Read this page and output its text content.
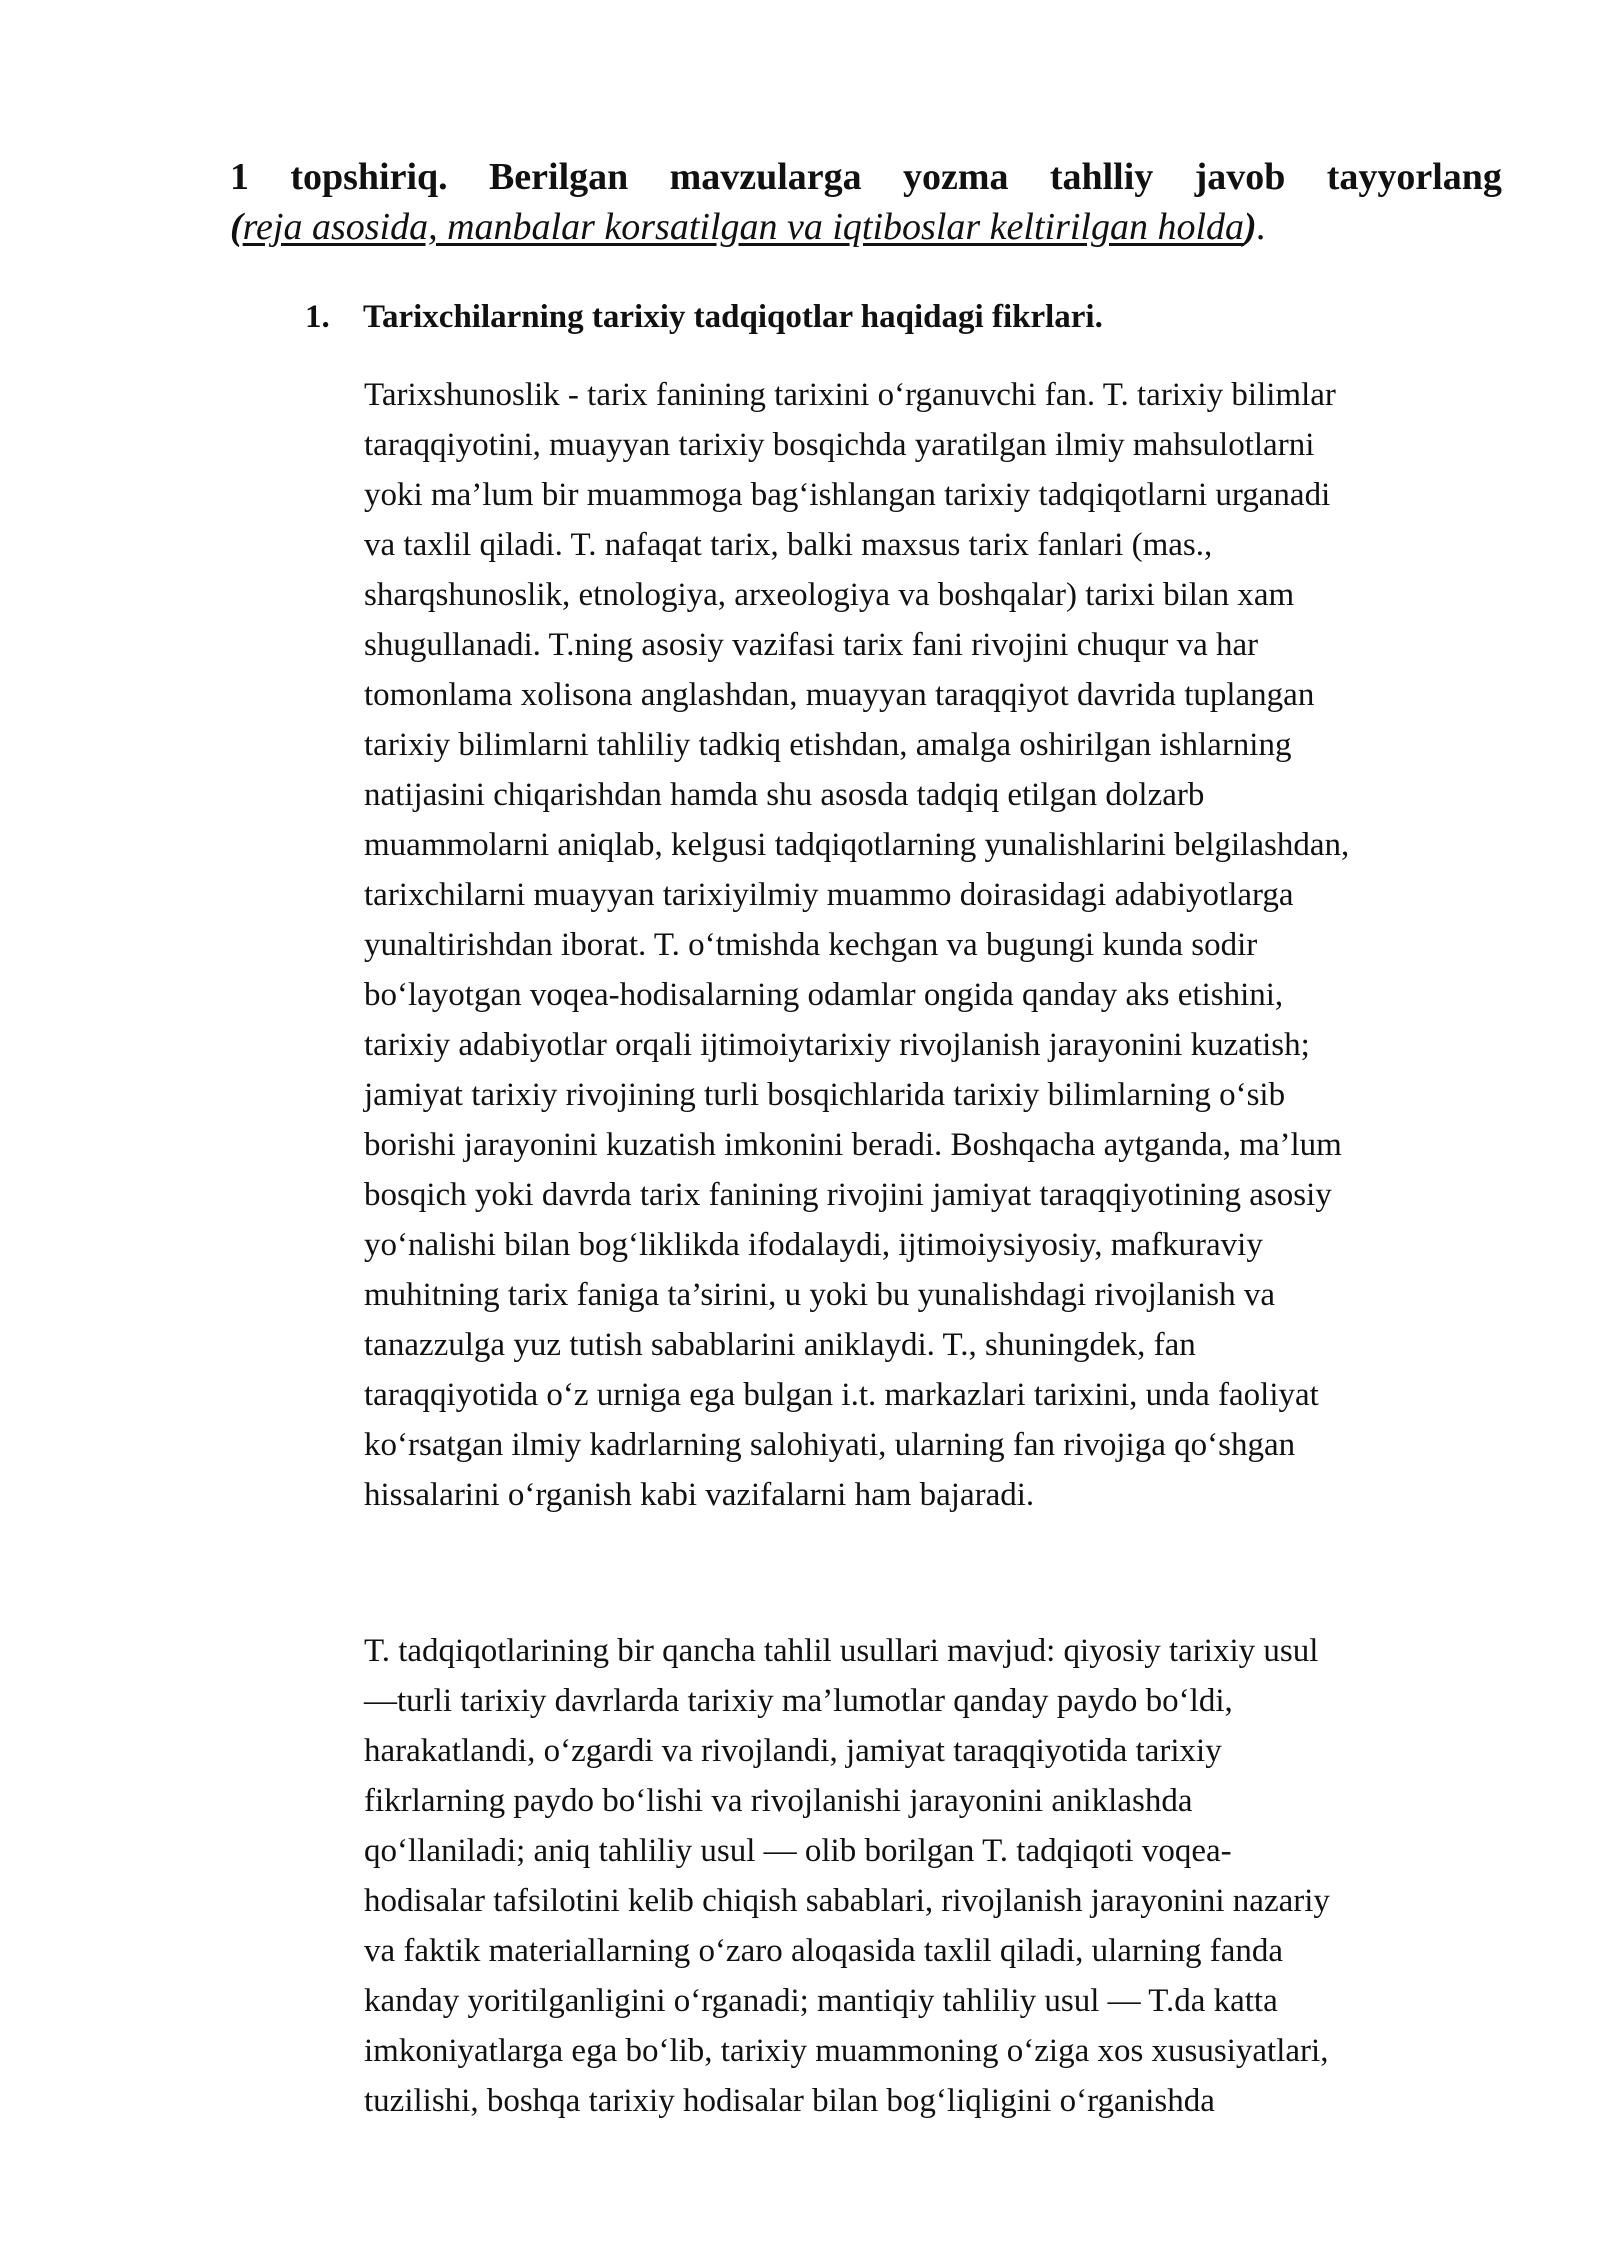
1 topshiriq. Berilgan mavzularga yozma tahlliy javob tayyorlang
(reja asosida, manbalar korsatilgan va iqtiboslar keltirilgan holda).
1.	Tarixchilarning tarixiy tadqiqotlar haqidagi fikrlari.

Tarixshunoslik - tarix fanining tarixini o‘rganuvchi fan. T. tarixiy bilimlar
taraqqiyotini, muayyan tarixiy bosqichda yaratilgan ilmiy mahsulotlarni
yoki ma’lum bir muammoga bag‘ishlangan tarixiy tadqiqotlarni urganadi
va taxlil qiladi. T. nafaqat tarix, balki maxsus tarix fanlari (mas.,
sharqshunoslik, etnologiya, arxeologiya va boshqalar) tarixi bilan xam
shugullanadi. T.ning asosiy vazifasi tarix fani rivojini chuqur va har
tomonlama xolisona anglashdan, muayyan taraqqiyot davrida tuplangan
tarixiy bilimlarni tahliliy tadkiq etishdan, amalga oshirilgan ishlarning
natijasini chiqarishdan hamda shu asosda tadqiq etilgan dolzarb
muammolarni aniqlab, kelgusi tadqiqotlarning yunalishlarini belgilashdan,
tarixchilarni muayyan tarixiyilmiy muammo doirasidagi adabiyotlarga
yunaltirishdan iborat. T. o‘tmishda kechgan va bugungi kunda sodir
bo‘layotgan voqea-hodisalarning odamlar ongida qanday aks etishini,
tarixiy adabiyotlar orqali ijtimoiytarixiy rivojlanish jarayonini kuzatish;
jamiyat tarixiy rivojining turli bosqichlarida tarixiy bilimlarning o‘sib
borishi jarayonini kuzatish imkonini beradi. Boshqacha aytganda, ma’lum
bosqich yoki davrda tarix fanining rivojini jamiyat taraqqiyotining asosiy
yo‘nalishi bilan bog‘liklikda ifodalaydi, ijtimoiysiyosiy, mafkuraviy
muhitning tarix faniga ta’sirini, u yoki bu yunalishdagi rivojlanish va
tanazzulga yuz tutish sabablarini aniklaydi. T., shuningdek, fan
taraqqiyotida o‘z urniga ega bulgan i.t. markazlari tarixini, unda faoliyat
ko‘rsatgan ilmiy kadrlarning salohiyati, ularning fan rivojiga qo‘shgan
hissalarini o‘rganish kabi vazifalarni ham bajaradi.

T. tadqiqotlarining bir qancha tahlil usullari mavjud: qiyosiy tarixiy usul
—turli tarixiy davrlarda tarixiy ma’lumotlar qanday paydo bo‘ldi,
harakatlandi, o‘zgardi va rivojlandi, jamiyat taraqqiyotida tarixiy
fikrlarning paydo bo‘lishi va rivojlanishi jarayonini aniklashda
qo‘llaniladi; aniq tahliliy usul — olib borilgan T. tadqiqoti voqea-
hodisalar tafsilotini kelib chiqish sabablari, rivojlanish jarayonini nazariy
va faktik materiallarning o‘zaro aloqasida taxlil qiladi, ularning fanda
kanday yoritilganligini o‘rganadi; mantiqiy tahliliy usul — T.da katta
imkoniyatlarga ega bo‘lib, tarixiy muammoning o‘ziga xos xususiyatlari,
tuzilishi, boshqa tarixiy hodisalar bilan bog‘liqligini o‘rganishda
